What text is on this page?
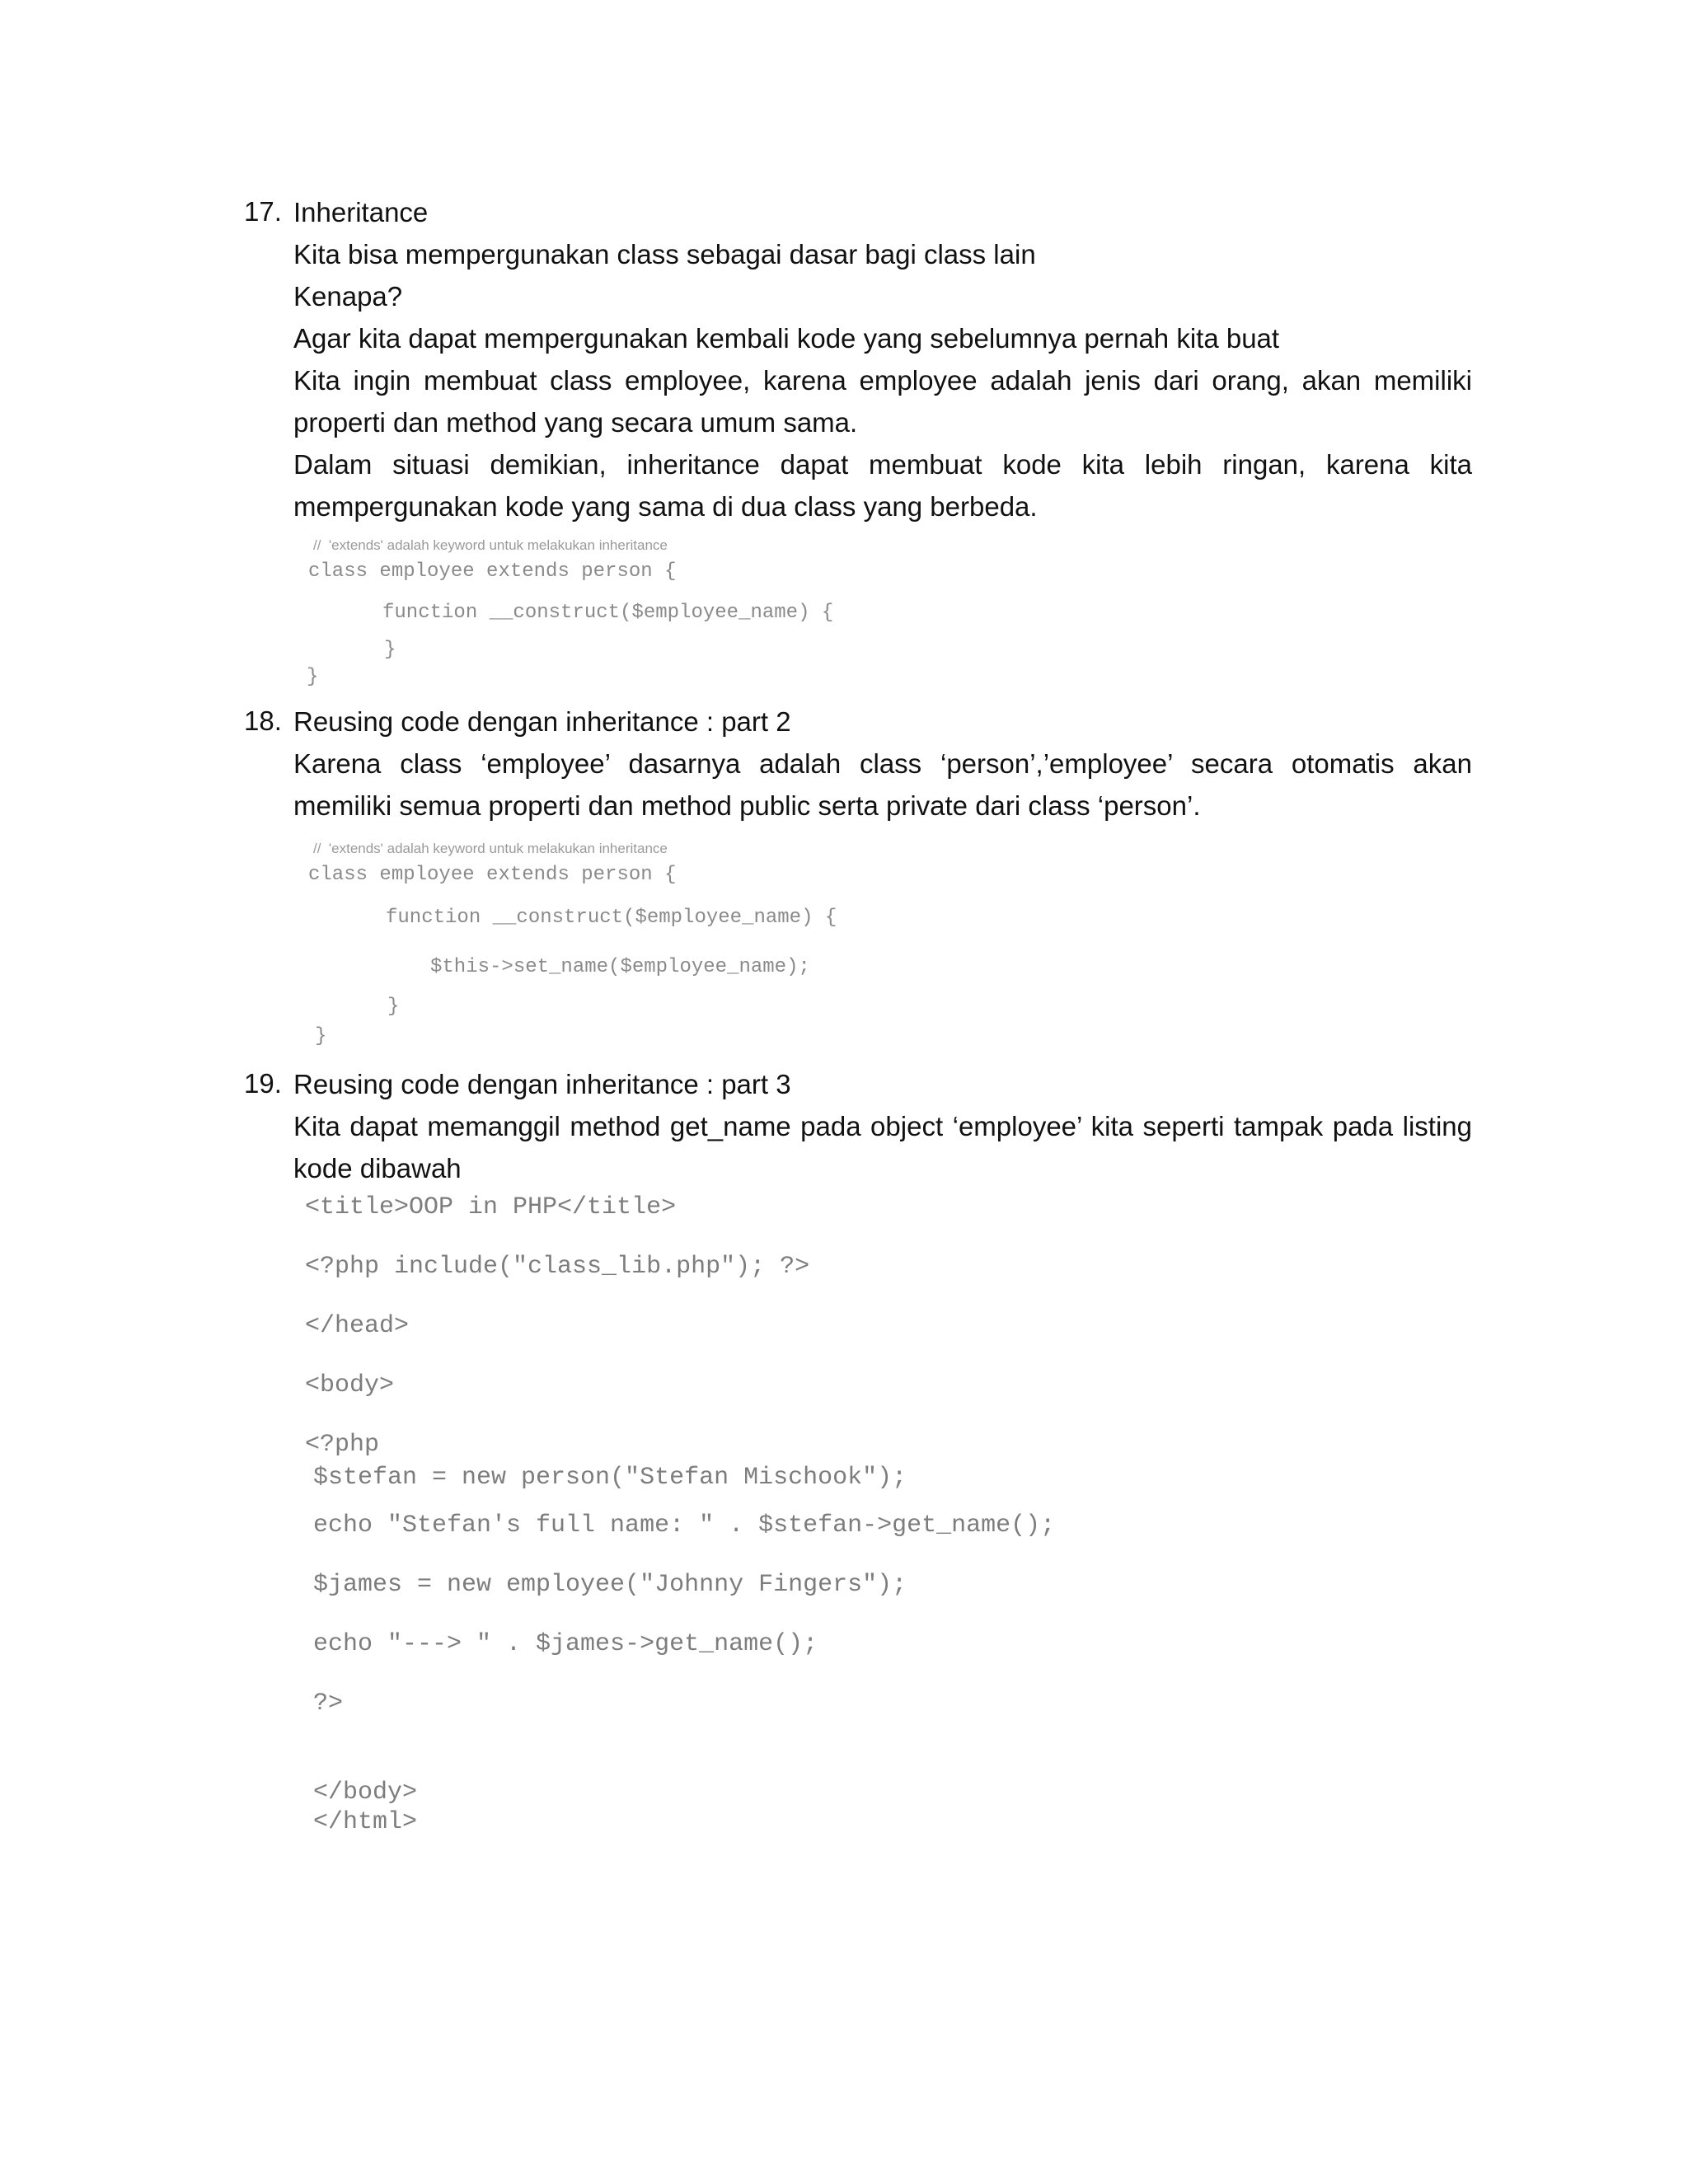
17. Inheritance

Kita bisa mempergunakan class sebagai dasar bagi class lain

Kenapa?

Agar kita dapat mempergunakan kembali kode yang sebelumnya pernah kita buat

Kita ingin membuat class employee, karena employee adalah jenis dari orang, akan memiliki properti dan method yang secara umum sama.

Dalam situasi demikian, inheritance dapat membuat kode kita lebih ringan, karena kita mempergunakan kode yang sama di dua class yang berbeda.

//  'extends' adalah keyword untuk melakukan inheritance

class employee extends person {

function __construct($employee_name) {

}

}

18. Reusing code dengan inheritance : part 2

Karena class ‘employee’ dasarnya adalah class ‘person’,’employee’ secara otomatis akan memiliki semua properti dan method public serta private dari class ‘person’.

//  'extends' adalah keyword untuk melakukan inheritance

class employee extends person {

function __construct($employee_name) {

$this->set_name($employee_name);

}

}

19. Reusing code dengan inheritance : part 3

Kita dapat memanggil method get_name pada object ‘employee’ kita seperti tampak pada listing kode dibawah

<title>OOP in PHP</title>

<?php include("class_lib.php"); ?>

</head>

<body>

<?php

$stefan = new person("Stefan Mischook");

echo "Stefan's full name: " . $stefan->get_name();

$james = new employee("Johnny Fingers");

echo "---> " . $james->get_name();

?>

</body>

</html>
